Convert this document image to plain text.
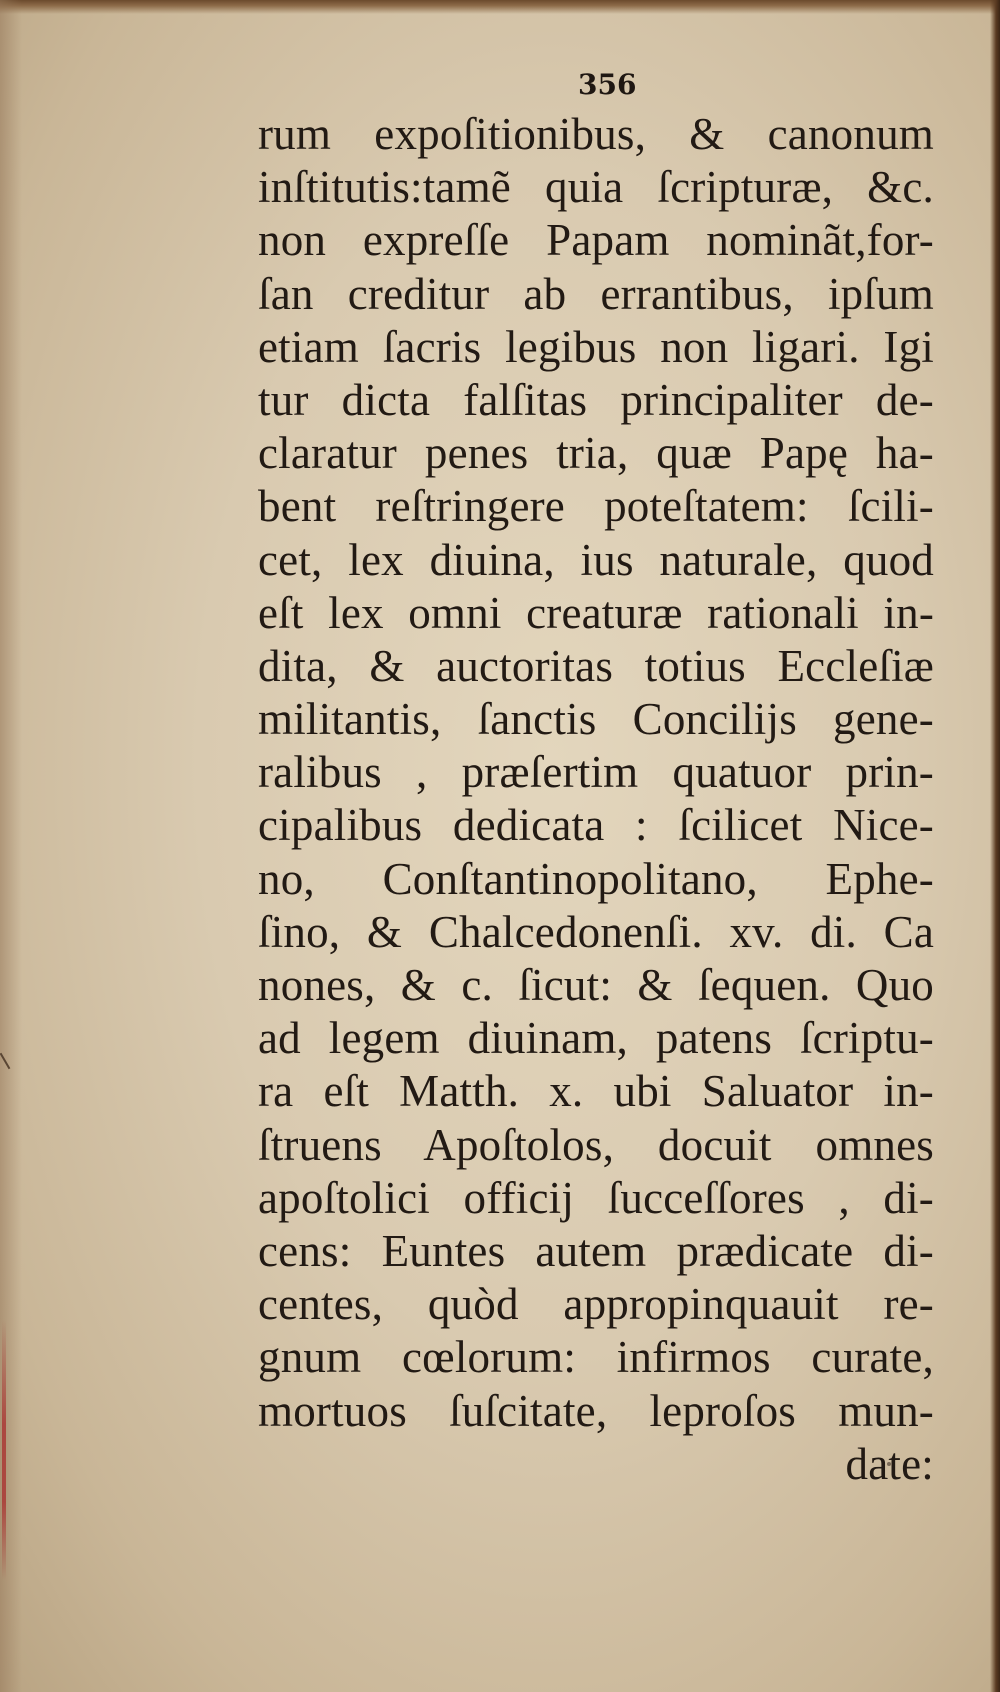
356
rum expoſitionibus, & canonum
inſtitutis:tamẽ quia ſcripturæ, &c.
non expreſſe Papam nominãt,for-
ſan creditur ab errantibus, ipſum
etiam ſacris legibus non ligari. Igi
tur dicta falſitas principaliter de-
claratur penes tria, quæ Papę ha-
bent reſtringere poteſtatem: ſcili-
cet, lex diuina, ius naturale, quod
eſt lex omni creaturæ rationali in-
dita, & auctoritas totius Eccleſiæ
militantis, ſanctis Concilijs gene-
ralibus , præſertim quatuor prin-
cipalibus dedicata : ſcilicet Nice-
no, Conſtantinopolitano, Ephe-
ſino, & Chalcedonenſi. xv. di. Ca
nones, & c. ſicut: & ſequen. Quo
ad legem diuinam, patens ſcriptu-
ra eſt Matth. x. ubi Saluator in-
ſtruens Apoſtolos, docuit omnes
apoſtolici officij ſucceſſores , di-
cens: Euntes autem prædicate di-
centes, quòd appropinquauit re-
gnum cœlorum: infirmos curate,
mortuos ſuſcitate, leproſos mun-
date:
